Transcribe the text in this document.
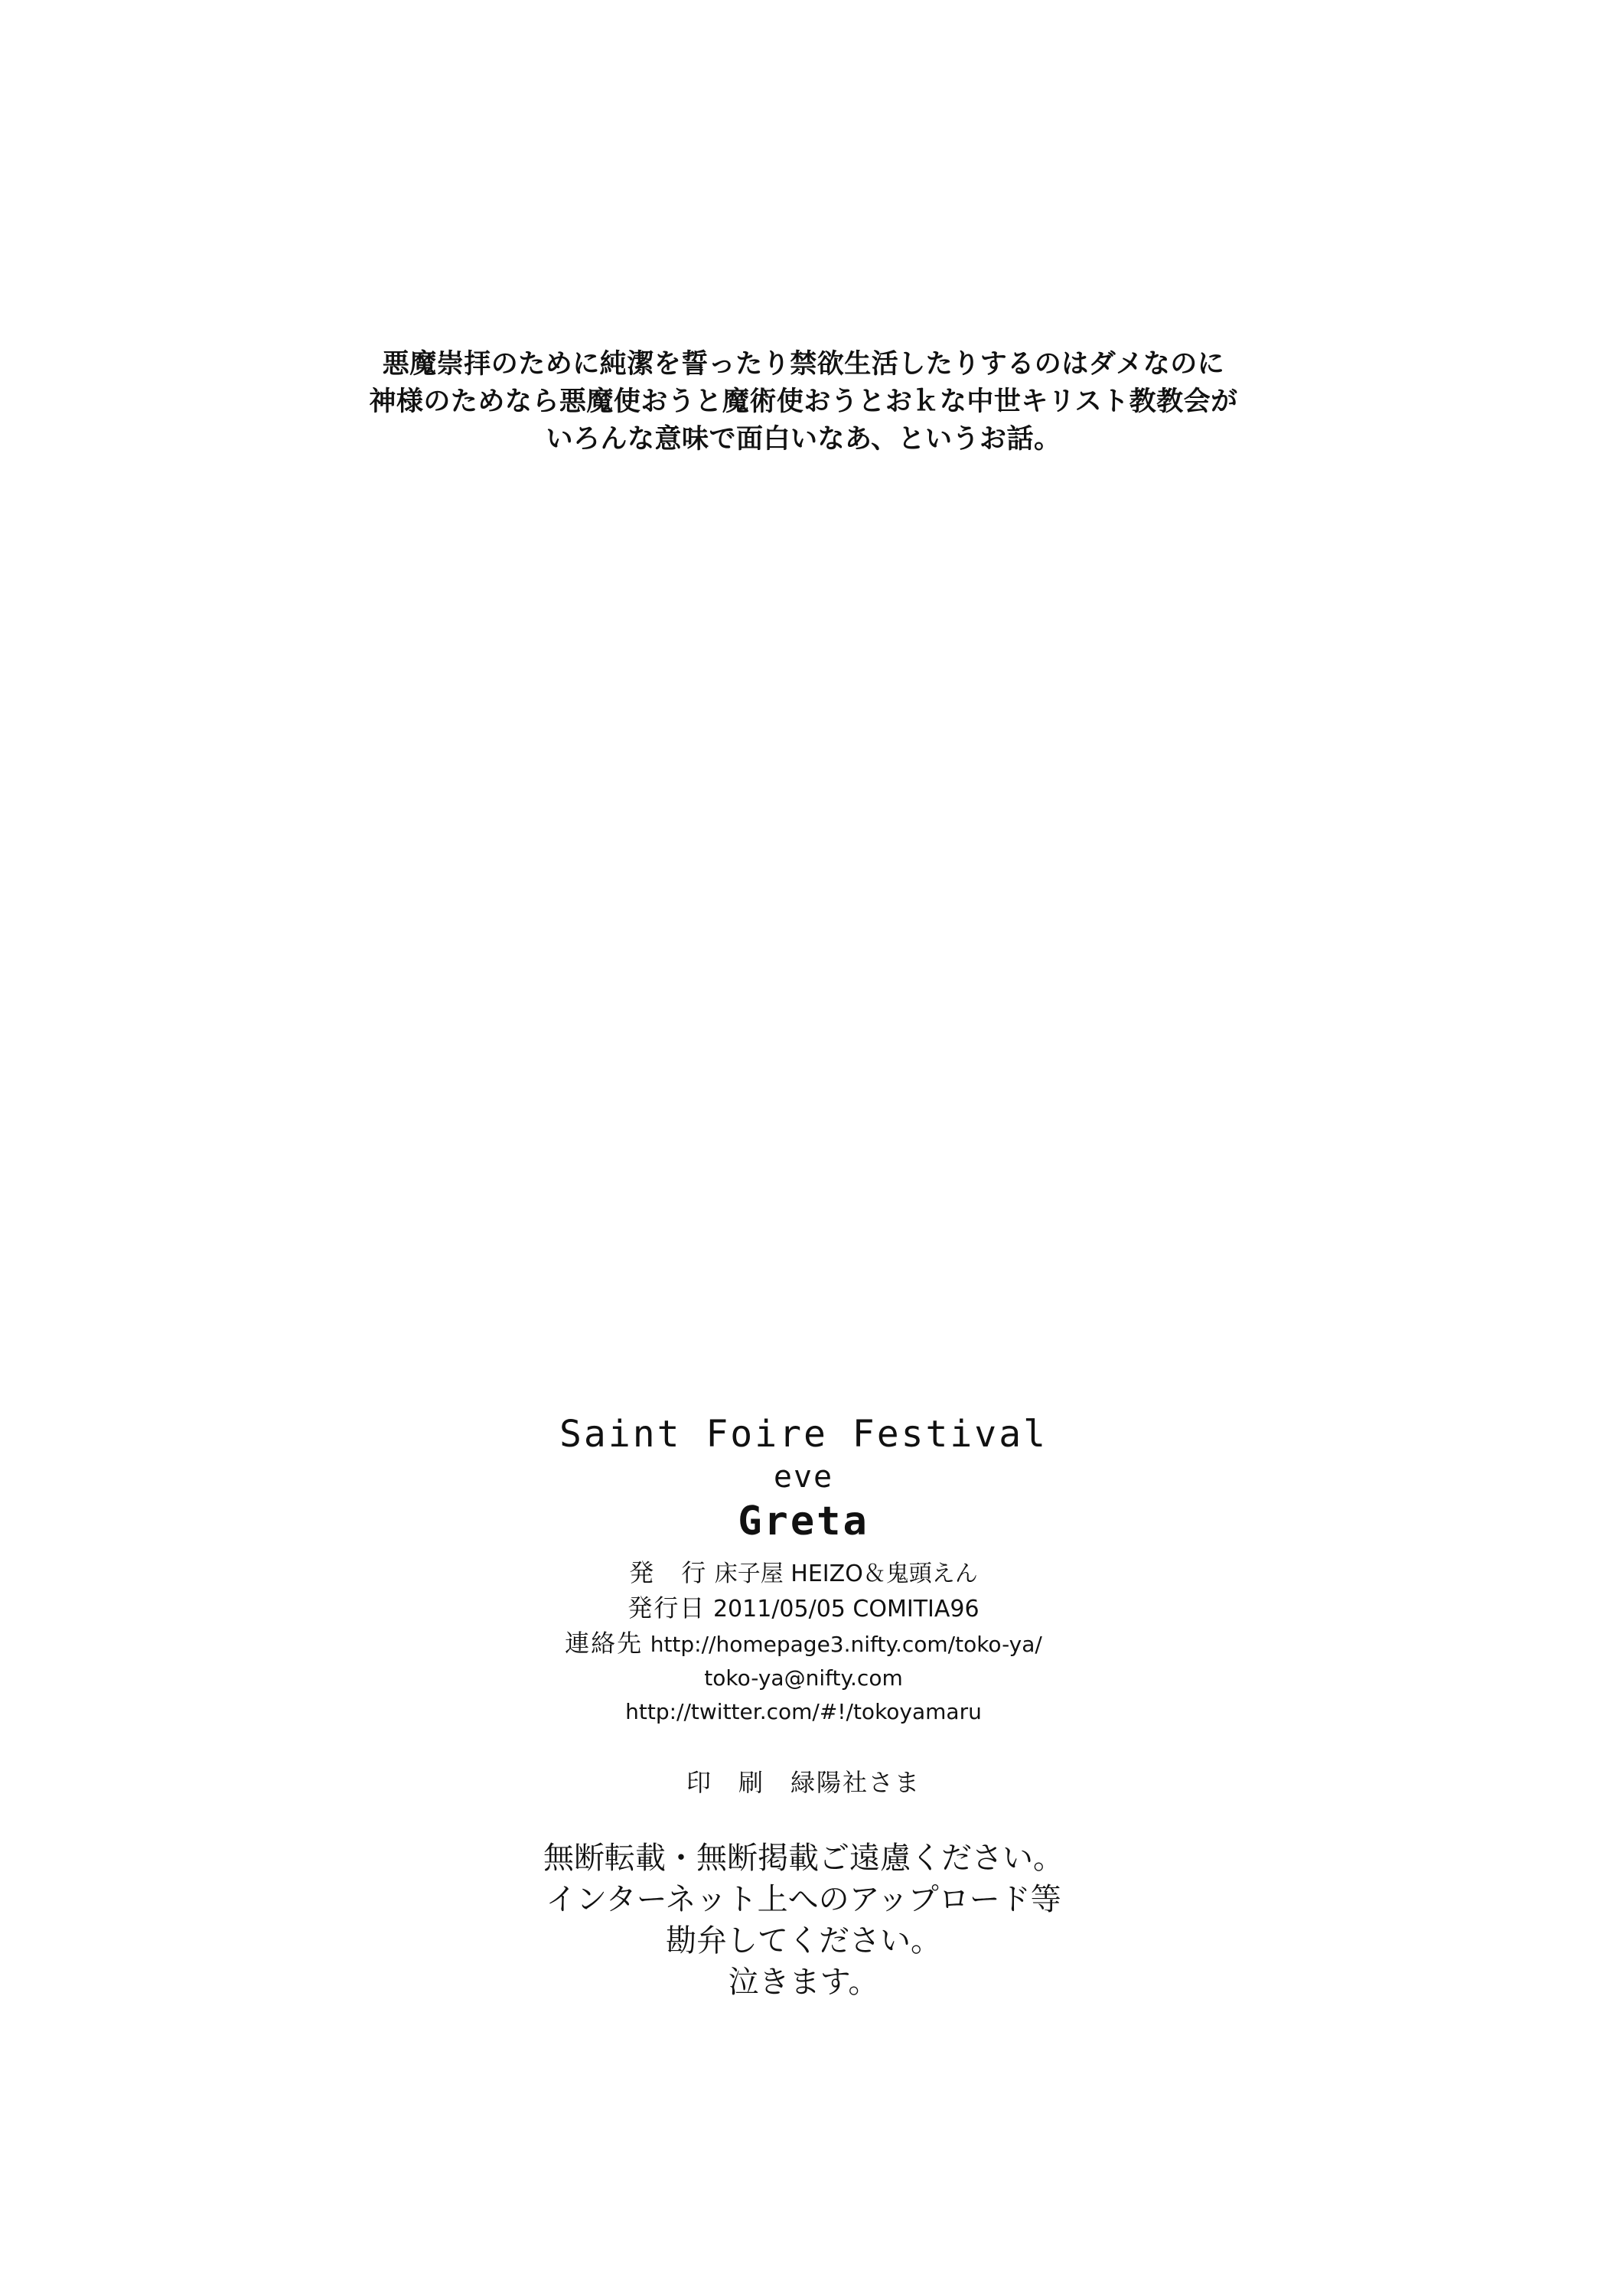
悪魔崇拝のために純潔を誓ったり禁欲生活したりするのはダメなのに
神様のためなら悪魔使おうと魔術使おうとおｋな中世キリスト教教会が
いろんな意味で面白いなあ、というお話。
Saint Foire Festival
eve
Greta
発　行 床子屋 HEIZO＆鬼頭えん
発行日 2011/05/05 COMITIA96
連絡先 http://homepage3.nifty.com/toko-ya/
toko-ya@nifty.com
http://twitter.com/#!/tokoyamaru
印　刷　緑陽社さま
無断転載・無断掲載ご遠慮ください。
インターネット上へのアップロード等
勘弁してください。
泣きます。
